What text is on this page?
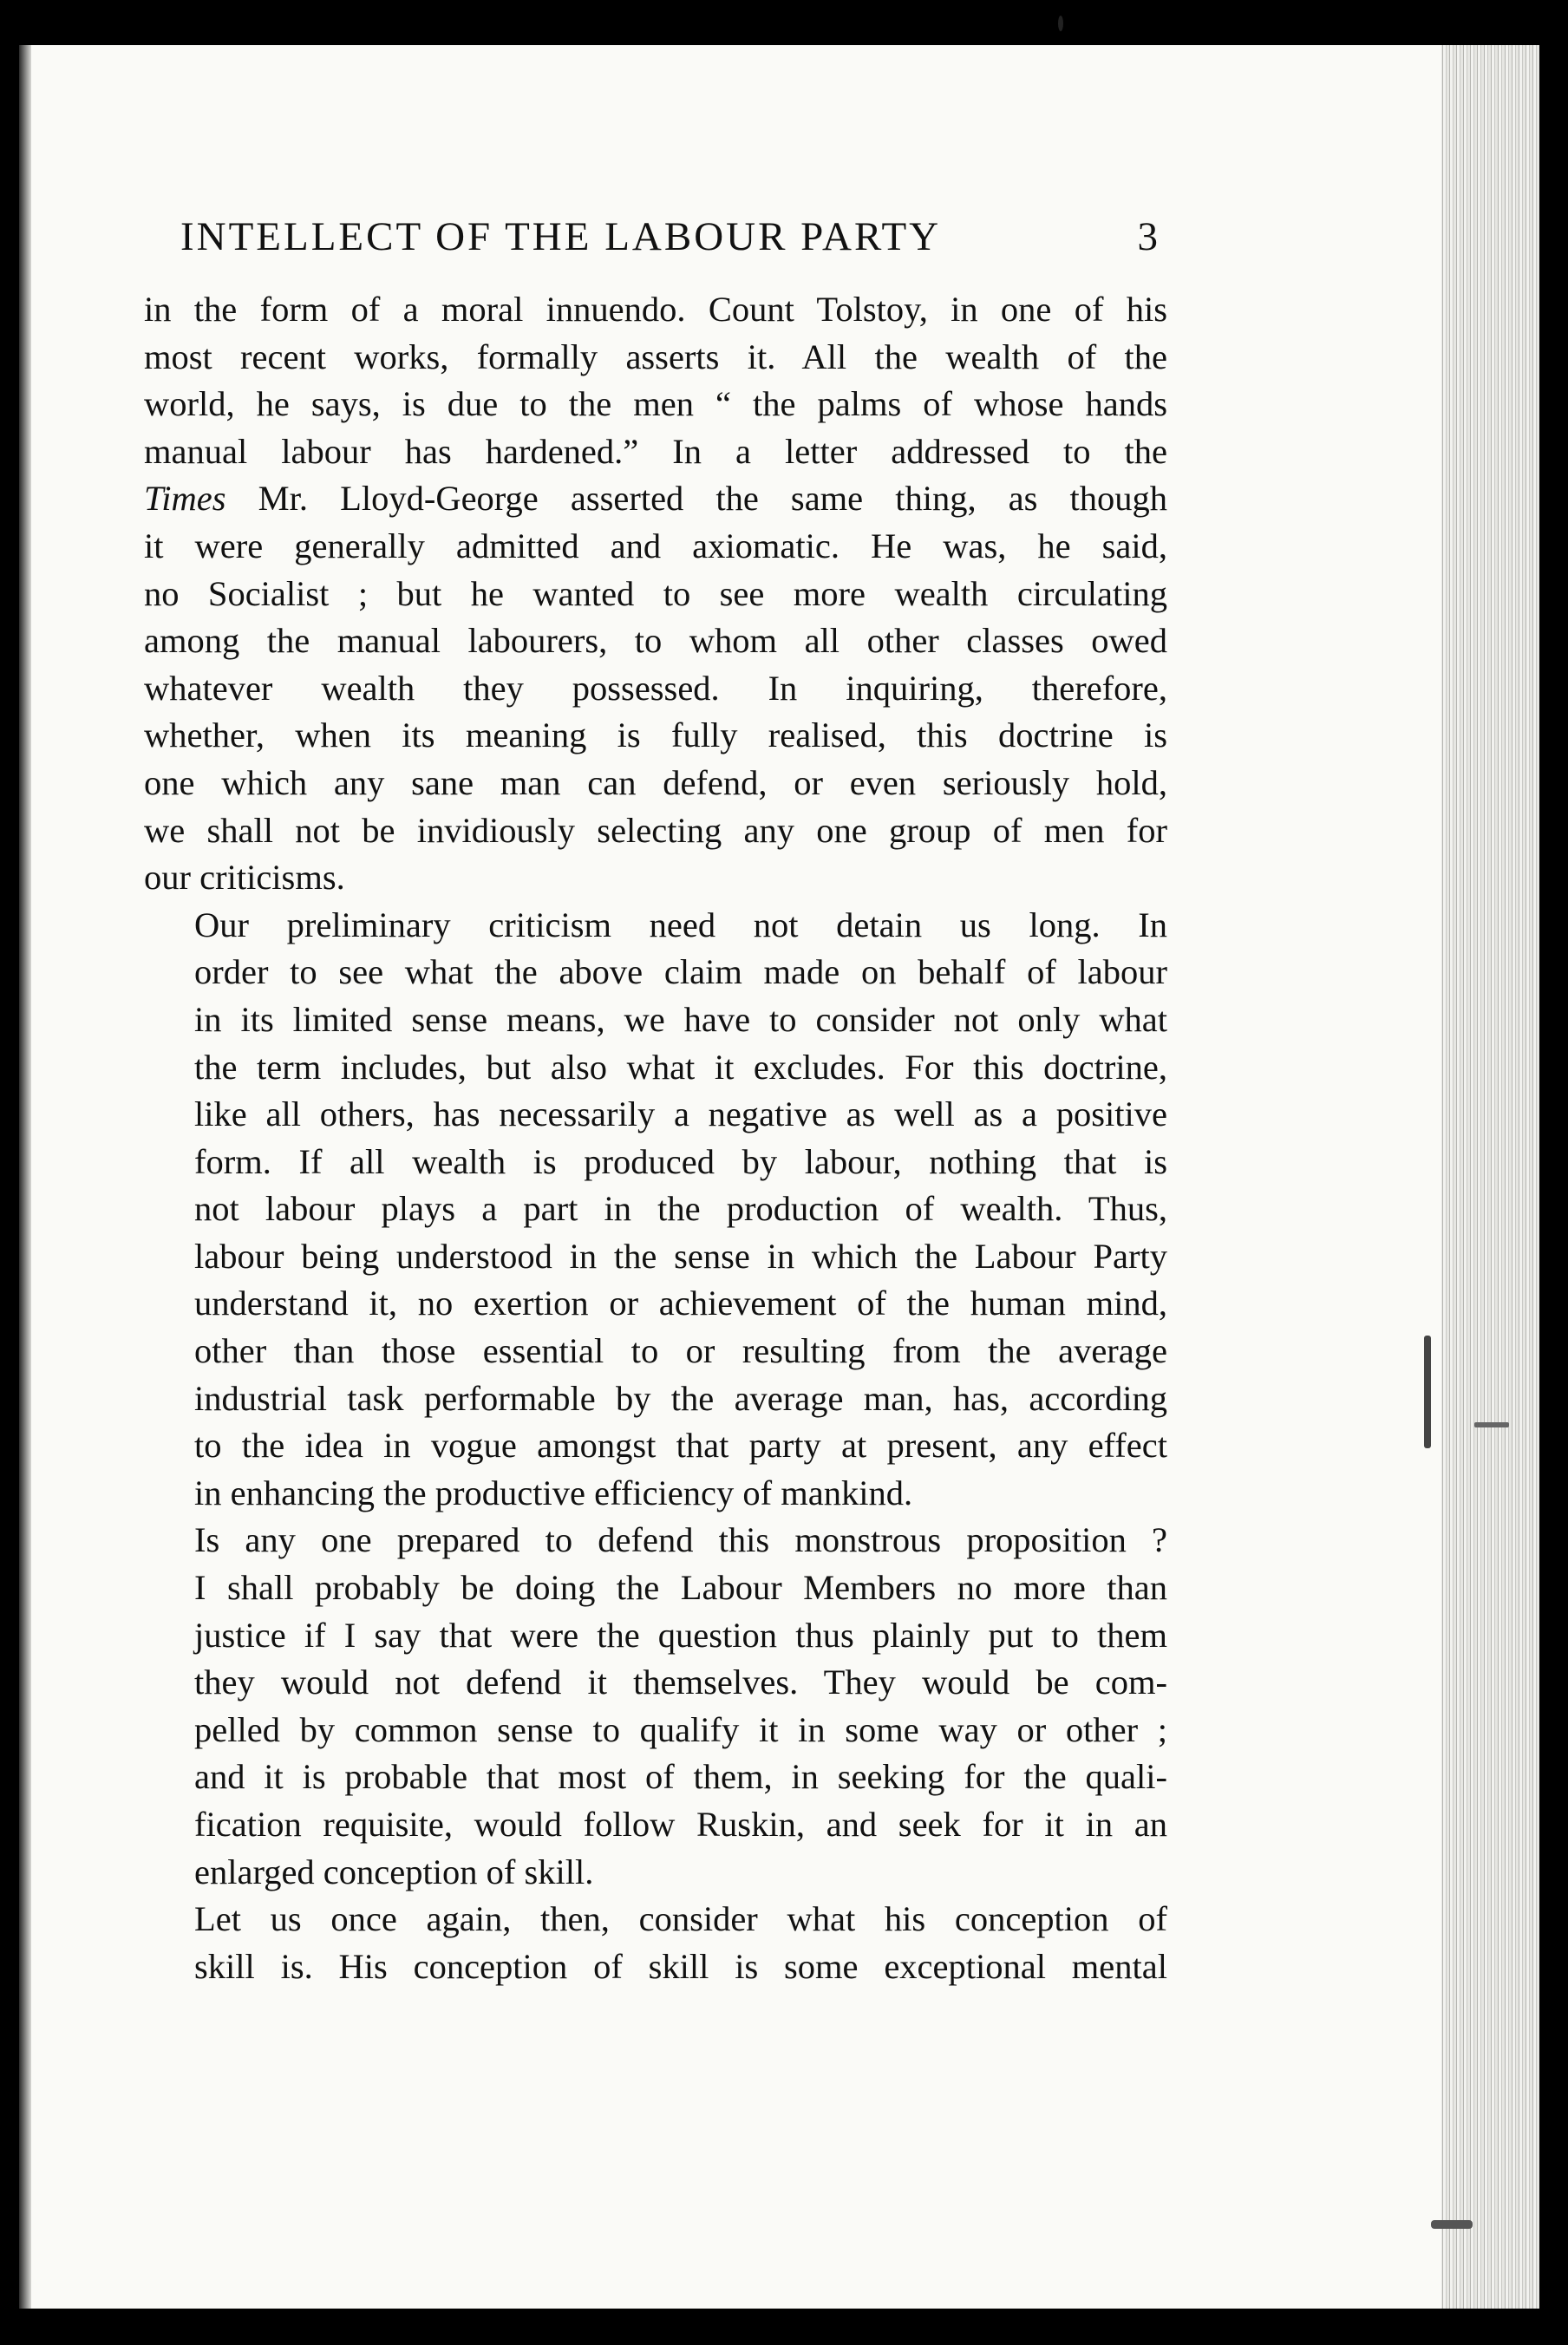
INTELLECT OF THE LABOUR PARTY	3
in the form of a moral innuendo. Count Tolstoy, in one of his
most recent works, formally asserts it. All the wealth of the
world, he says, is due to the men “ the palms of whose hands
manual labour has hardened.” In a letter addressed to the
Times Mr. Lloyd-George asserted the same thing, as though
it were generally admitted and axiomatic. He was, he said,
no Socialist ; but he wanted to see more wealth circulating
among the manual labourers, to whom all other classes owed
whatever wealth they possessed. In inquiring, therefore,
whether, when its meaning is fully realised, this doctrine is
one which any sane man can defend, or even seriously hold,
we shall not be invidiously selecting any one group of men for
our criticisms.
Our preliminary criticism need not detain us long. In
order to see what the above claim made on behalf of labour
in its limited sense means, we have to consider not only what
the term includes, but also what it excludes. For this doctrine,
like all others, has necessarily a negative as well as a positive
form. If all wealth is produced by labour, nothing that is
not labour plays a part in the production of wealth. Thus,
labour being understood in the sense in which the Labour Party
understand it, no exertion or achievement of the human mind,
other than those essential to or resulting from the average
industrial task performable by the average man, has, according
to the idea in vogue amongst that party at present, any effect
in enhancing the productive efficiency of mankind.
Is any one prepared to defend this monstrous proposition ?
I shall probably be doing the Labour Members no more than
justice if I say that were the question thus plainly put to them
they would not defend it themselves. They would be com-
pelled by common sense to qualify it in some way or other ;
and it is probable that most of them, in seeking for the quali-
fication requisite, would follow Ruskin, and seek for it in an
enlarged conception of skill.
Let us once again, then, consider what his conception of
skill is. His conception of skill is some exceptional mental
